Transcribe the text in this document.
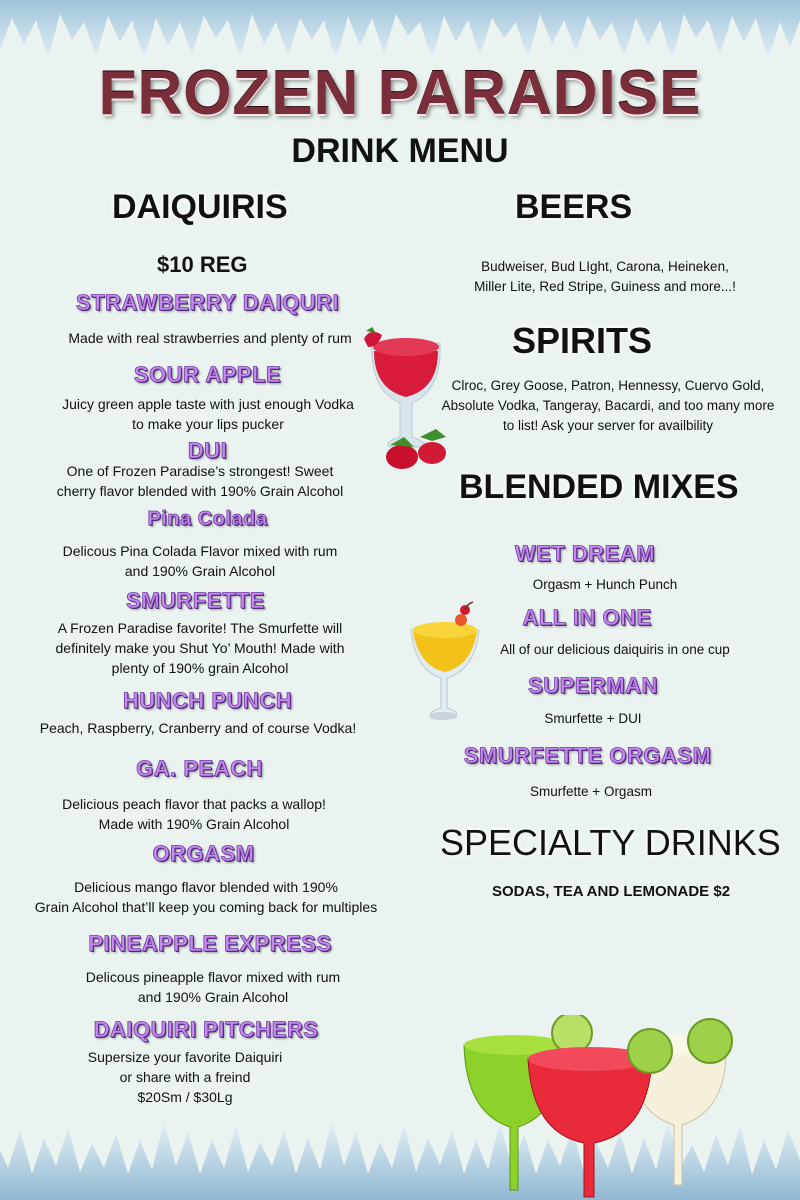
FROZEN PARADISE
DRINK MENU
DAIQUIRIS
$10 REG
STRAWBERRY DAIQURI
Made with real strawberries and plenty of rum
SOUR APPLE
Juicy green apple taste with just enough Vodka
to make your lips pucker
DUI
One of Frozen Paradise’s strongest! Sweet
cherry flavor blended with 190% Grain Alcohol
Pina Colada
Delicous Pina Colada Flavor mixed with rum
and 190% Grain Alcohol
SMURFETTE
A Frozen Paradise favorite! The Smurfette will
definitely make you Shut Yo’ Mouth! Made with
plenty of 190% grain Alcohol
HUNCH PUNCH
Peach, Raspberry, Cranberry and of course Vodka!
GA. PEACH
Delicious peach flavor that packs a wallop!
Made with 190% Grain Alcohol
ORGASM
Delicious mango flavor blended with 190%
Grain Alcohol that’ll keep you coming back for multiples
PINEAPPLE EXPRESS
Delicous pineapple flavor mixed with rum
and 190% Grain Alcohol
DAIQUIRI PITCHERS
Supersize your favorite Daiquiri
or share with a freind
$20Sm / $30Lg
BEERS
Budweiser, Bud LIght, Carona, Heineken,
Miller Lite, Red Stripe, Guiness and more...!
SPIRITS
Clroc, Grey Goose, Patron, Hennessy, Cuervo Gold,
Absolute Vodka, Tangeray, Bacardi, and too many more
to list! Ask your server for availbility
BLENDED MIXES
WET DREAM
Orgasm + Hunch Punch
ALL IN ONE
All of our delicious daiquiris in one cup
SUPERMAN
Smurfette + DUI
SMURFETTE ORGASM
Smurfette + Orgasm
SPECIALTY DRINKS
SODAS, TEA AND LEMONADE $2
